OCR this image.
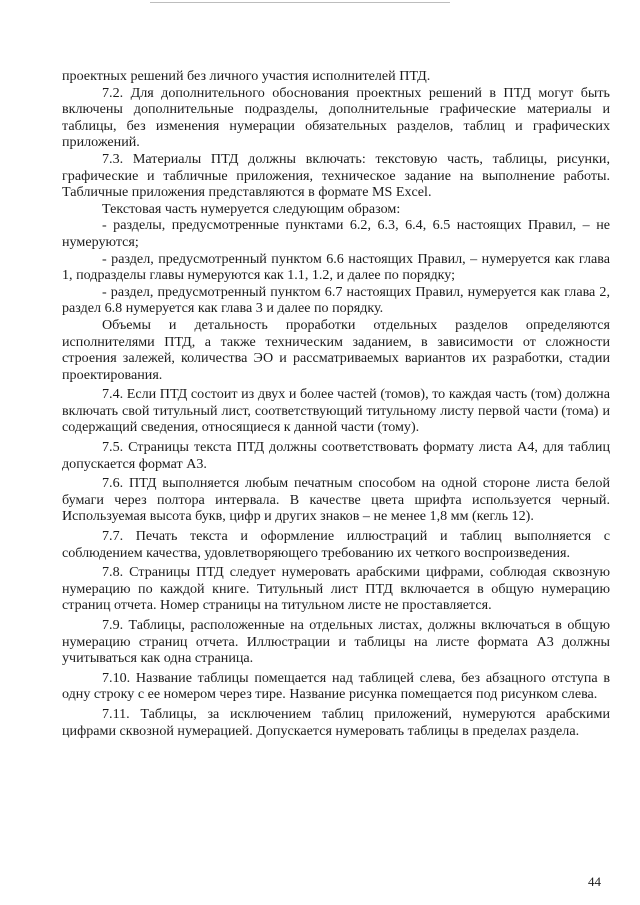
проектных решений без личного участия исполнителей ПТД.

7.2. Для дополнительного обоснования проектных решений в ПТД могут быть включены дополнительные подразделы, дополнительные графические материалы и таблицы, без изменения нумерации обязательных разделов, таблиц и графических приложений.

7.3. Материалы ПТД должны включать: текстовую часть, таблицы, рисунки, графические и табличные приложения, техническое задание на выполнение работы. Табличные приложения представляются в формате MS Excel.

Текстовая часть нумеруется следующим образом:

- разделы, предусмотренные пунктами 6.2, 6.3, 6.4, 6.5 настоящих Правил, – не нумеруются;

- раздел, предусмотренный пунктом 6.6 настоящих Правил, – нумеруется как глава 1, подразделы главы нумеруются как 1.1, 1.2, и далее по порядку;

- раздел, предусмотренный пунктом 6.7 настоящих Правил, нумеруется как глава 2, раздел 6.8 нумеруется как глава 3 и далее по порядку.

Объемы и детальность проработки отдельных разделов определяются исполнителями ПТД, а также техническим заданием, в зависимости от сложности строения залежей, количества ЭО и рассматриваемых вариантов их разработки, стадии проектирования.

7.4. Если ПТД состоит из двух и более частей (томов), то каждая часть (том) должна включать свой титульный лист, соответствующий титульному листу первой части (тома) и содержащий сведения, относящиеся к данной части (тому).

7.5. Страницы текста ПТД должны соответствовать формату листа А4, для таблиц допускается формат А3.

7.6. ПТД выполняется любым печатным способом на одной стороне листа белой бумаги через полтора интервала. В качестве цвета шрифта используется черный. Используемая высота букв, цифр и других знаков – не менее 1,8 мм (кегль 12).

7.7. Печать текста и оформление иллюстраций и таблиц выполняется с соблюдением качества, удовлетворяющего требованию их четкого воспроизведения.

7.8. Страницы ПТД следует нумеровать арабскими цифрами, соблюдая сквозную нумерацию по каждой книге. Титульный лист ПТД включается в общую нумерацию страниц отчета. Номер страницы на титульном листе не проставляется.

7.9. Таблицы, расположенные на отдельных листах, должны включаться в общую нумерацию страниц отчета. Иллюстрации и таблицы на листе формата А3 должны учитываться как одна страница.

7.10. Название таблицы помещается над таблицей слева, без абзацного отступа в одну строку с ее номером через тире. Название рисунка помещается под рисунком слева.

7.11. Таблицы, за исключением таблиц приложений, нумеруются арабскими цифрами сквозной нумерацией. Допускается нумеровать таблицы в пределах раздела.

44
